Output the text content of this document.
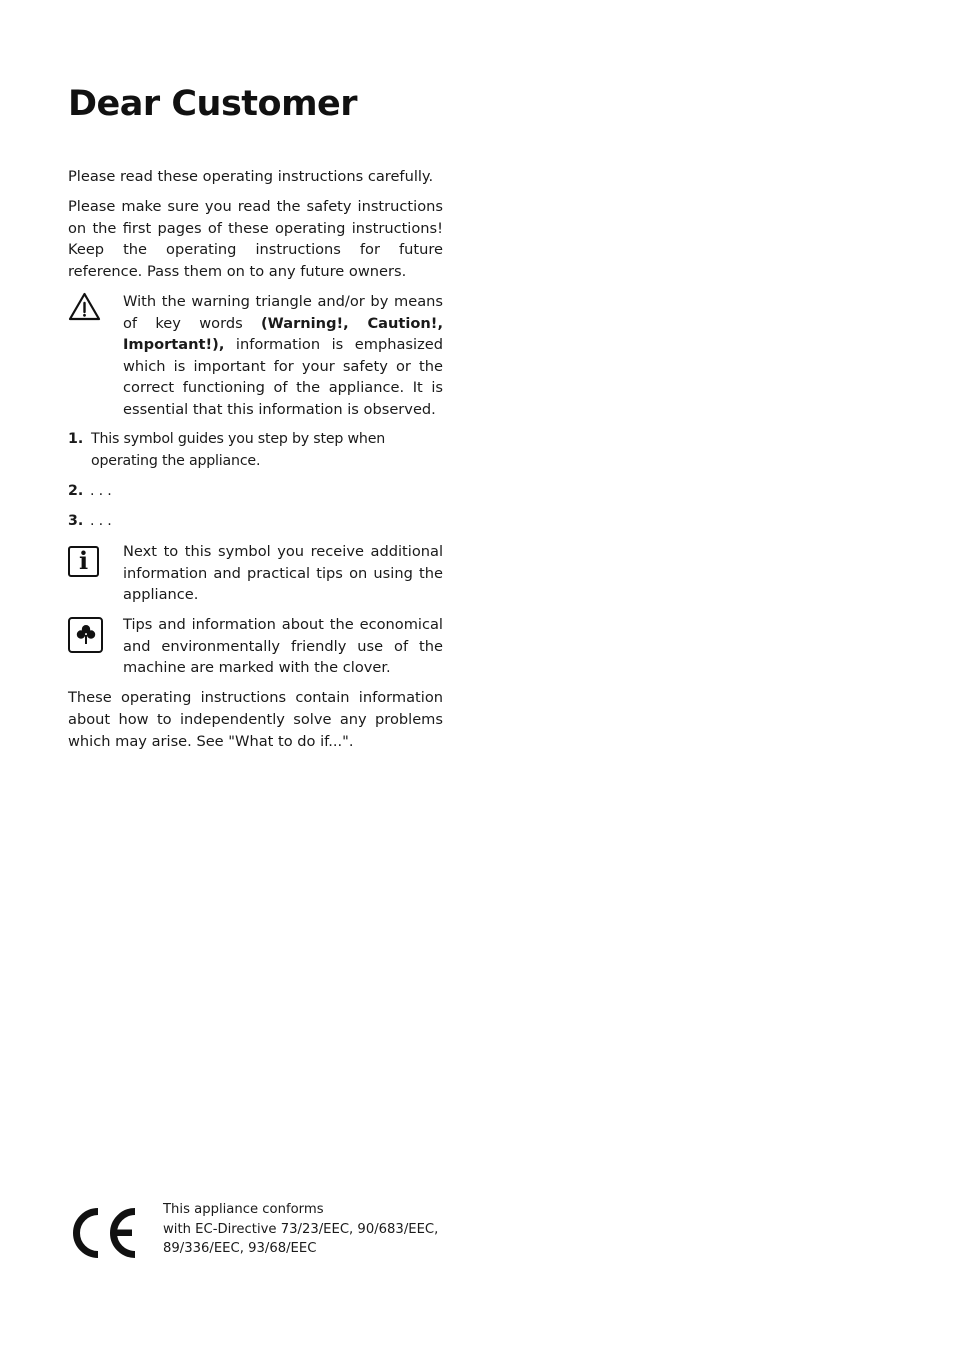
Dear Customer

Please read these operating instructions carefully.

Please make sure you read the safety instructions on the first pages of these operating instructions! Keep the operating instructions for future reference. Pass them on to any future owners.

With the warning triangle and/or by means of key words (Warning!, Caution!, Important!), information is emphasized which is important for your safety or the correct functioning of the appliance. It is essential that this information is observed.

1. This symbol guides you step by step when operating the appliance.
2. . . .
3. . . .
i	Next to this symbol you receive additional information and practical tips on using the appliance.

Tips and information about the economical and environmentally friendly use of the machine are marked with the clover.

These operating instructions contain information about how to independently solve any problems which may arise. See "What to do if...".

This appliance conforms
with EC-Directive 73/23/EEC, 90/683/EEC,
89/336/EEC, 93/68/EEC
